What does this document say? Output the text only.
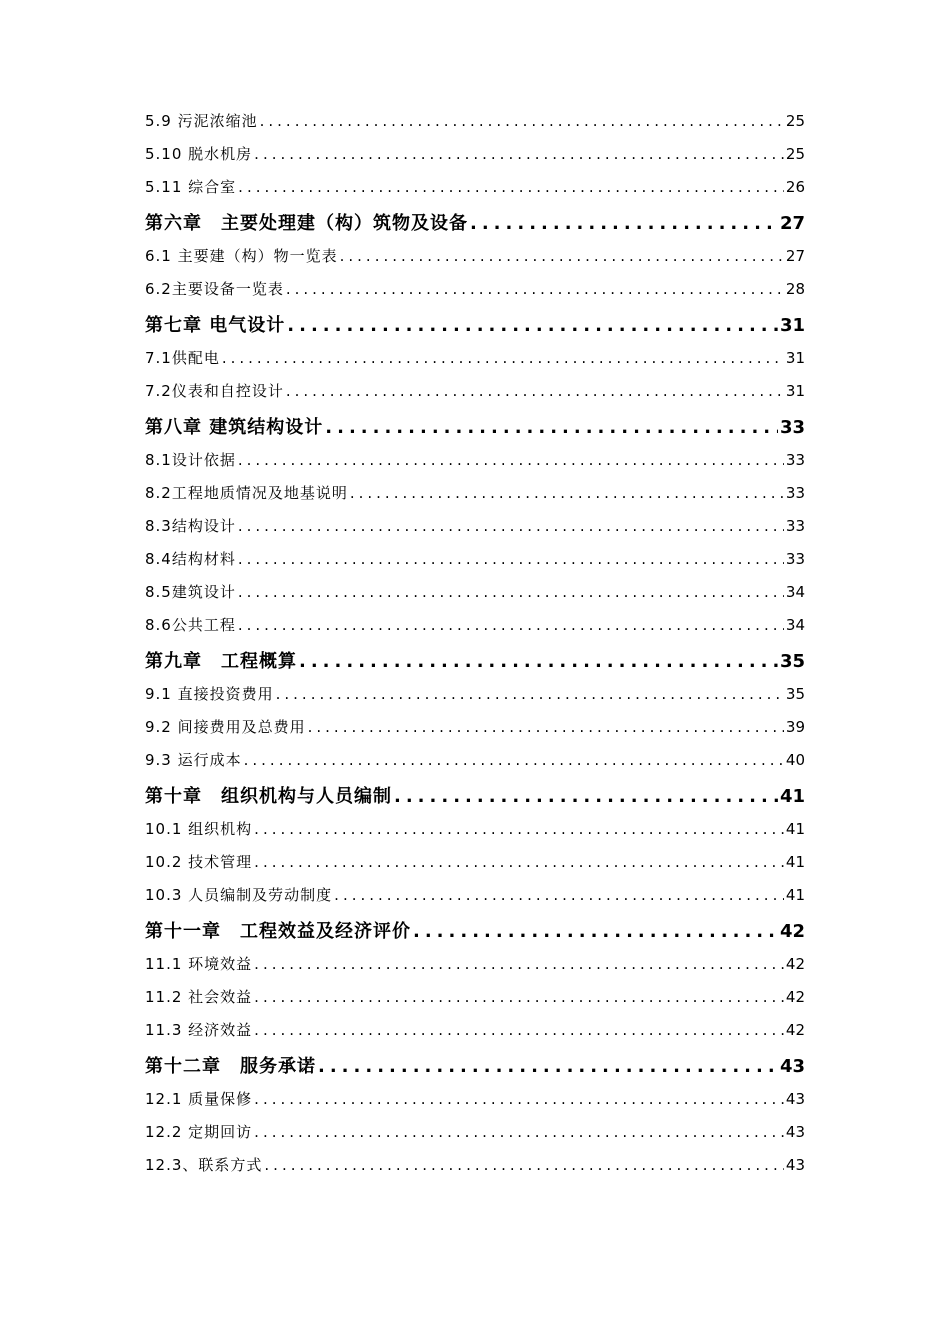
5.9 污泥浓缩池 .....	25
5.10 脱水机房 .....	25
5.11 综合室 .....	26
第六章　主要处理建（构）筑物及设备 .....	27
6.1 主要建（构）物一览表 .....	27
6.2主要设备一览表 .....	28
第七章 电气设计 .....	31
7.1供配电 .....	31
7.2仪表和自控设计 .....	31
第八章 建筑结构设计 .....	33
8.1设计依据 .....	33
8.2工程地质情况及地基说明 .....	33
8.3结构设计 .....	33
8.4结构材料 .....	33
8.5建筑设计 .....	34
8.6公共工程 .....	34
第九章　工程概算 .....	35
9.1 直接投资费用 .....	35
9.2 间接费用及总费用 .....	39
9.3 运行成本 .....	40
第十章　组织机构与人员编制 .....	41
10.1 组织机构 .....	41
10.2 技术管理 .....	41
10.3 人员编制及劳动制度 .....	41
第十一章　工程效益及经济评价 .....	42
11.1 环境效益 .....	42
11.2 社会效益 .....	42
11.3 经济效益 .....	42
第十二章　服务承诺 .....	43
12.1 质量保修 .....	43
12.2 定期回访 .....	43
12.3、联系方式 .....	43
